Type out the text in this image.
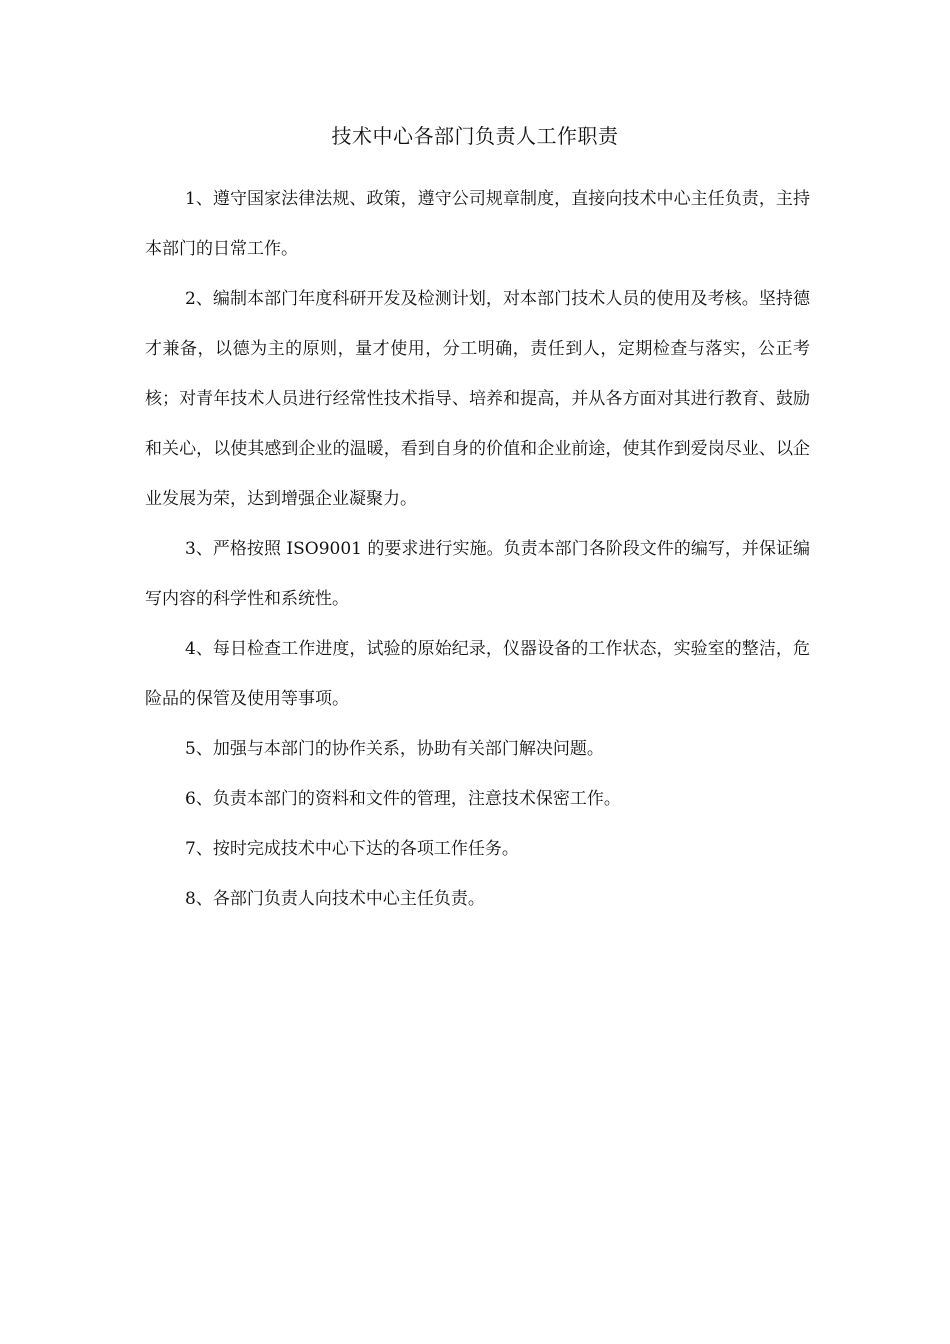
技术中心各部门负责人工作职责

1、遵守国家法律法规、政策，遵守公司规章制度，直接向技术中心主任负责，主持本部门的日常工作。

2、编制本部门年度科研开发及检测计划，对本部门技术人员的使用及考核。坚持德才兼备，以德为主的原则，量才使用，分工明确，责任到人，定期检查与落实，公正考核；对青年技术人员进行经常性技术指导、培养和提高，并从各方面对其进行教育、鼓励和关心，以使其感到企业的温暖，看到自身的价值和企业前途，使其作到爱岗尽业、以企业发展为荣，达到增强企业凝聚力。

3、严格按照 ISO9001 的要求进行实施。负责本部门各阶段文件的编写，并保证编写内容的科学性和系统性。

4、每日检查工作进度，试验的原始纪录，仪器设备的工作状态，实验室的整洁，危险品的保管及使用等事项。

5、加强与本部门的协作关系，协助有关部门解决问题。

6、负责本部门的资料和文件的管理，注意技术保密工作。

7、按时完成技术中心下达的各项工作任务。

8、各部门负责人向技术中心主任负责。
